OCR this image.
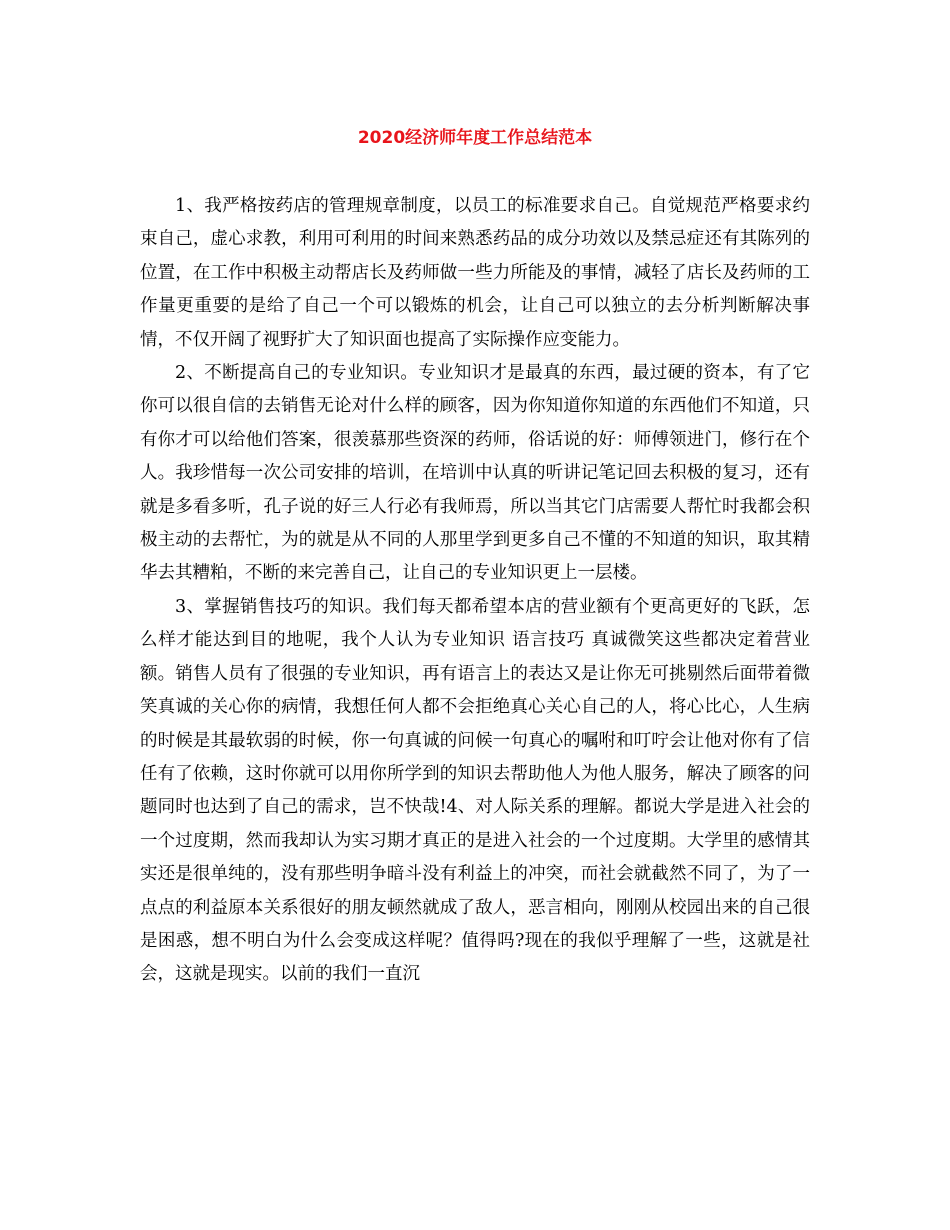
2020经济师年度工作总结范本

1、我严格按药店的管理规章制度，以员工的标准要求自己。自觉规范严格要求约束自己，虚心求教，利用可利用的时间来熟悉药品的成分功效以及禁忌症还有其陈列的位置，在工作中积极主动帮店长及药师做一些力所能及的事情，减轻了店长及药师的工作量更重要的是给了自己一个可以锻炼的机会，让自己可以独立的去分析判断解决事情，不仅开阔了视野扩大了知识面也提高了实际操作应变能力。

2、不断提高自己的专业知识。专业知识才是最真的东西，最过硬的资本，有了它你可以很自信的去销售无论对什么样的顾客，因为你知道你知道的东西他们不知道，只有你才可以给他们答案，很羡慕那些资深的药师，俗话说的好：师傅领进门，修行在个人。我珍惜每一次公司安排的培训，在培训中认真的听讲记笔记回去积极的复习，还有就是多看多听，孔子说的好三人行必有我师焉，所以当其它门店需要人帮忙时我都会积极主动的去帮忙，为的就是从不同的人那里学到更多自己不懂的不知道的知识，取其精华去其糟粕，不断的来完善自己，让自己的专业知识更上一层楼。

3、掌握销售技巧的知识。我们每天都希望本店的营业额有个更高更好的飞跃，怎么样才能达到目的地呢，我个人认为专业知识 语言技巧 真诚微笑这些都决定着营业额。销售人员有了很强的专业知识，再有语言上的表达又是让你无可挑剔然后面带着微笑真诚的关心你的病情，我想任何人都不会拒绝真心关心自己的人，将心比心，人生病的时候是其最软弱的时候，你一句真诚的问候一句真心的嘱咐和叮咛会让他对你有了信任有了依赖，这时你就可以用你所学到的知识去帮助他人为他人服务，解决了顾客的问题同时也达到了自己的需求，岂不快哉!4、对人际关系的理解。都说大学是进入社会的一个过度期，然而我却认为实习期才真正的是进入社会的一个过度期。大学里的感情其实还是很单纯的，没有那些明争暗斗没有利益上的冲突，而社会就截然不同了，为了一点点的利益原本关系很好的朋友顿然就成了敌人，恶言相向，刚刚从校园出来的自己很是困惑，想不明白为什么会变成这样呢？值得吗?现在的我似乎理解了一些，这就是社会，这就是现实。以前的我们一直沉
